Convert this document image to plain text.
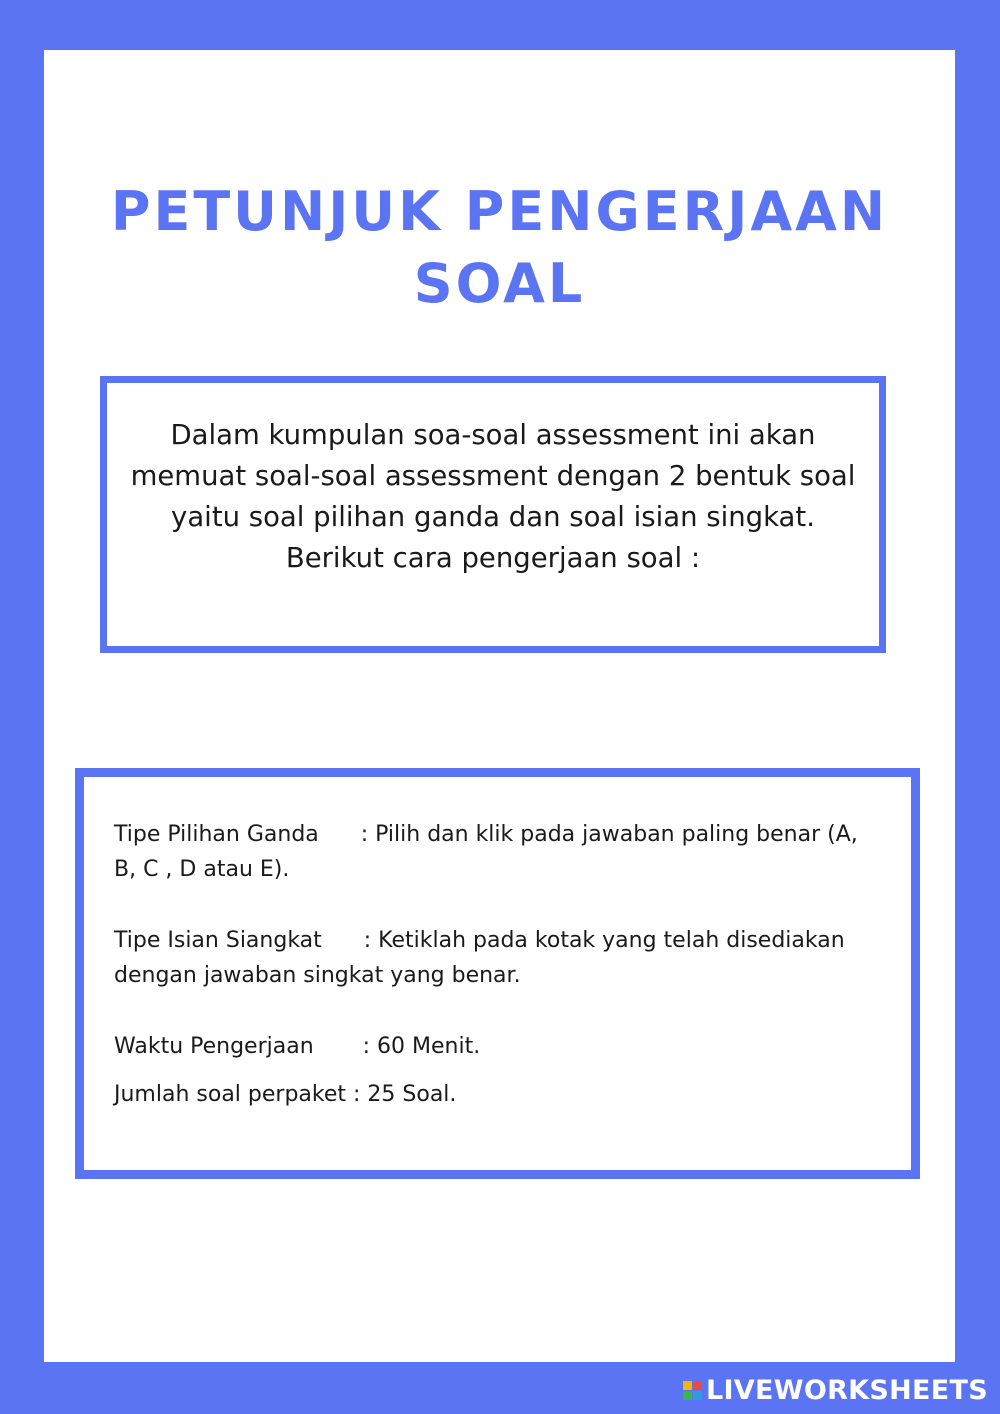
PETUNJUK PENGERJAAN
SOAL

Dalam kumpulan soa-soal assessment ini akan memuat soal-soal assessment dengan 2 bentuk soal yaitu soal pilihan ganda dan soal isian singkat. Berikut cara pengerjaan soal :

Tipe Pilihan Ganda      : Pilih dan klik pada jawaban paling benar (A, B, C , D atau E).

Tipe Isian Siangkat      : Ketiklah pada kotak yang telah disediakan dengan jawaban singkat yang benar.

Waktu Pengerjaan       : 60 Menit.

Jumlah soal perpaket : 25 Soal.

LIVEWORKSHEETS
